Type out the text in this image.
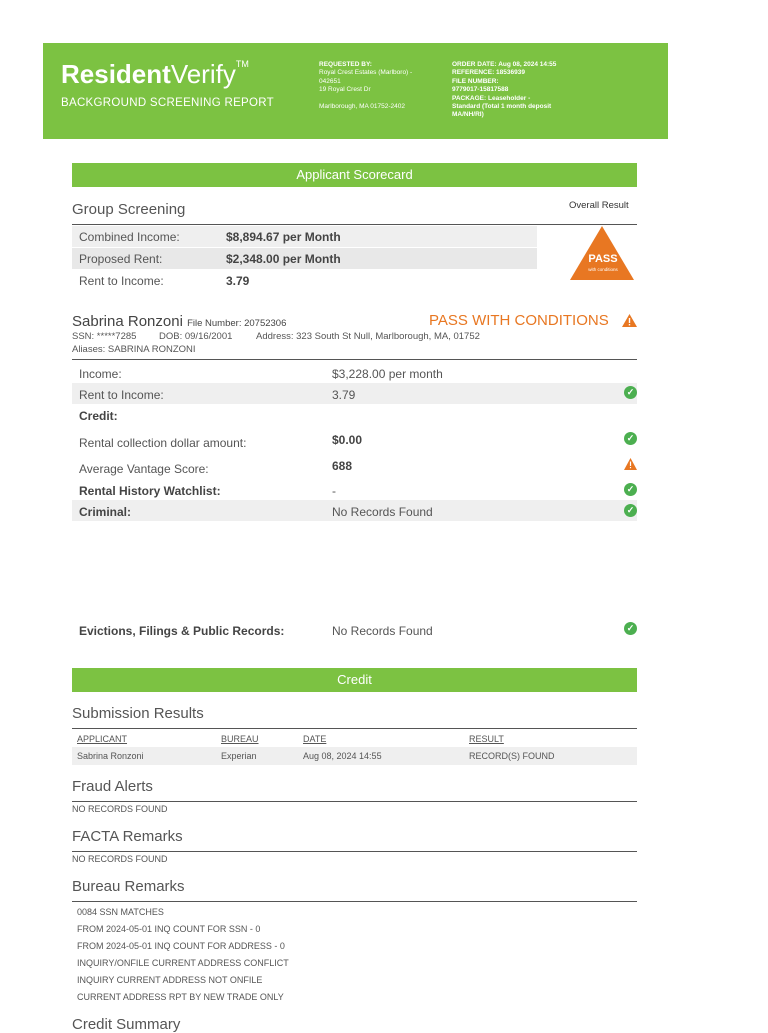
ResidentVerify™
BACKGROUND SCREENING REPORT
REQUESTED BY:
Royal Crest Estates (Marlboro) -
042651
19 Royal Crest Dr
Marlborough, MA 01752-2402
ORDER DATE: Aug 08, 2024 14:55
REFERENCE: 18536939
FILE NUMBER:
9779017-15817588
PACKAGE: Leaseholder -
Standard (Total 1 month deposit
MA/NH/RI)
Applicant Scorecard
Group Screening	Overall Result
Combined Income:	$8,894.67 per Month
Proposed Rent:	$2,348.00 per Month
Rent to Income:	3.79
PASS
with conditions
Sabrina Ronzoni File Number: 20752306	PASS WITH CONDITIONS
SSN: *****7285 DOB: 09/16/2001 Address: 323 South St Null, Marlborough, MA, 01752
Aliases: SABRINA RONZONI
Income:	$3,228.00 per month
Rent to Income:	3.79	✓
Credit:
Rental collection dollar amount:	$0.00	✓
Average Vantage Score:	688
Rental History Watchlist:	-	✓
Criminal:	No Records Found	✓
Evictions, Filings & Public Records:	No Records Found	✓
Credit
Submission Results
APPLICANT	BUREAU	DATE	RESULT
Sabrina Ronzoni	Experian	Aug 08, 2024 14:55	RECORD(S) FOUND
Fraud Alerts
NO RECORDS FOUND
FACTA Remarks
NO RECORDS FOUND
Bureau Remarks
0084 SSN MATCHES
FROM 2024-05-01 INQ COUNT FOR SSN - 0
FROM 2024-05-01 INQ COUNT FOR ADDRESS - 0
INQUIRY/ONFILE CURRENT ADDRESS CONFLICT
INQUIRY CURRENT ADDRESS NOT ONFILE
CURRENT ADDRESS RPT BY NEW TRADE ONLY
Credit Summary
